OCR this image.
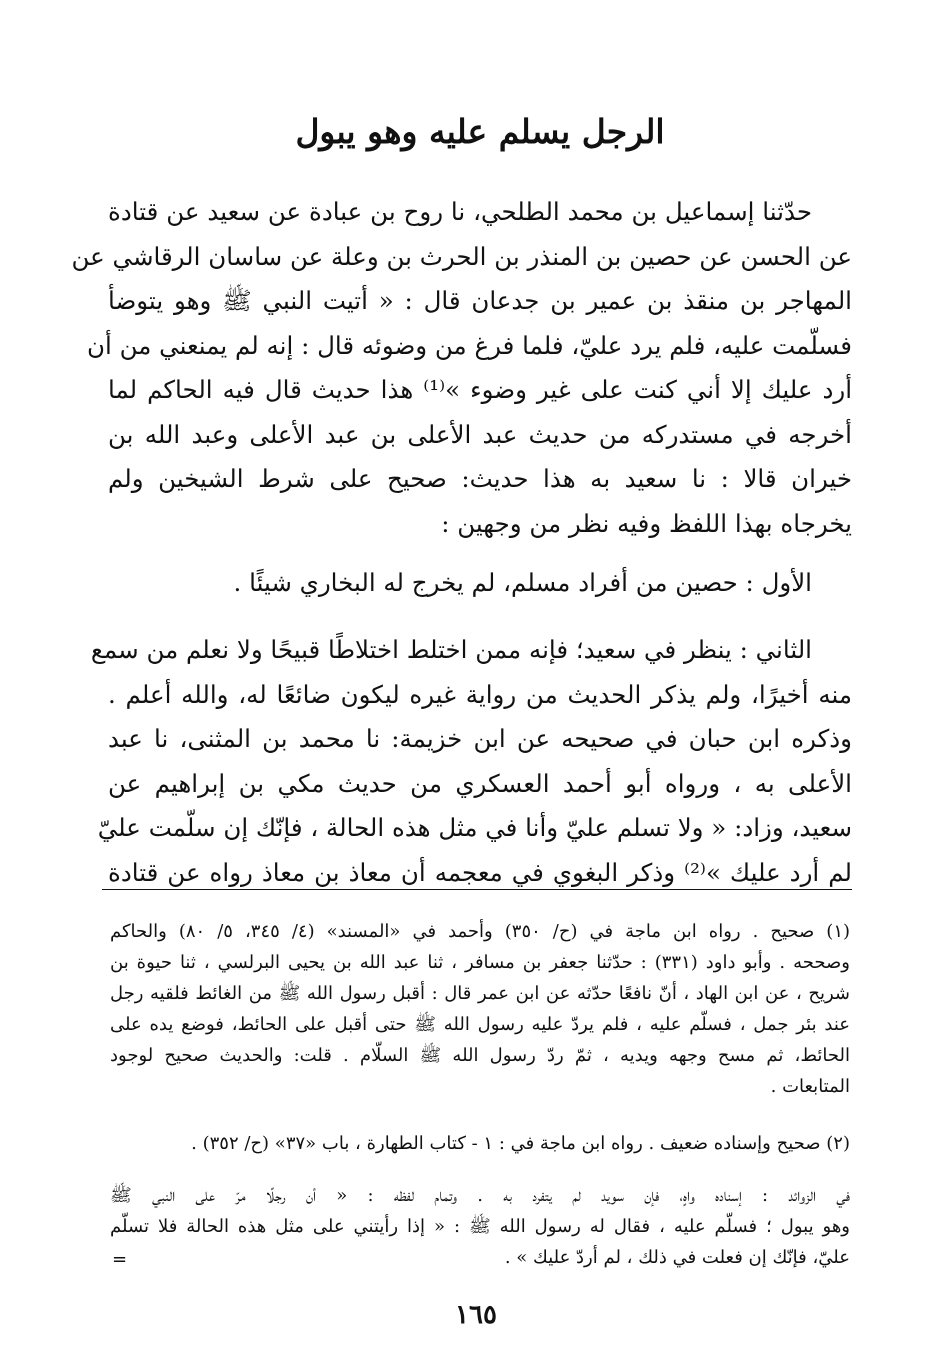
الرجل يسلم عليه وهو يبول
حدّثنا إسماعيل بن محمد الطلحي، نا روح بن عبادة عن سعيد عن قتادة
عن الحسن عن حصين بن المنذر بن الحرث بن وعلة عن ساسان الرقاشي عن
المهاجر بن منقذ بن عمير بن جدعان قال : « أتيت النبي ﷺ وهو يتوضأ
فسلّمت عليه، فلم يرد عليّ، فلما فرغ من وضوئه قال : إنه لم يمنعني من أن
أرد عليك إلا أني كنت على غير وضوء »⁽¹⁾ هذا حديث قال فيه الحاكم لما
أخرجه في مستدركه من حديث عبد الأعلى بن عبد الأعلى وعبد الله بن
خيران قالا : نا سعيد به هذا حديث: صحيح على شرط الشيخين ولم
يخرجاه بهذا اللفظ وفيه نظر من وجهين :
الأول : حصين من أفراد مسلم، لم يخرج له البخاري شيئًا .
الثاني : ينظر في سعيد؛ فإنه ممن اختلط اختلاطًا قبيحًا ولا نعلم من سمع
منه أخيرًا، ولم يذكر الحديث من رواية غيره ليكون ضائعًا له، والله أعلم .
وذكره ابن حبان في صحيحه عن ابن خزيمة: نا محمد بن المثنى، نا عبد
الأعلى به ، ورواه أبو أحمد العسكري من حديث مكي بن إبراهيم عن
سعيد، وزاد: « ولا تسلم عليّ وأنا في مثل هذه الحالة ، فإنّك إن سلّمت عليّ
لم أرد عليك »⁽²⁾ وذكر البغوي في معجمه أن معاذ بن معاذ رواه عن قتادة
(١) صحيح . رواه ابن ماجة في (ح/ ٣٥٠) وأحمد في «المسند» (٤/ ٣٤٥، ٥/ ٨٠) والحاكم
وصححه . وأبو داود (٣٣١) : حدّثنا جعفر بن مسافر ، ثنا عبد الله بن يحيى البرلسي ، ثنا حيوة بن
شريح ، عن ابن الهاد ، أنّ نافعًا حدّثه عن ابن عمر قال : أقبل رسول الله ﷺ من الغائط فلقيه رجل
عند بئر جمل ، فسلّم عليه ، فلم يردّ عليه رسول الله ﷺ حتى أقبل على الحائط، فوضع يده على
الحائط، ثم مسح وجهه ويديه ، ثمّ ردّ رسول الله ﷺ السلّام . قلت: والحديث صحيح لوجود
المتابعات .
(٢) صحيح وإسناده ضعيف . رواه ابن ماجة في : ١ - كتاب الطهارة ، باب «٣٧» (ح/ ٣٥٢) .
في الزوائد : إسناده واهٍ، فإن سويد لم يتفرد به . وتمام لفظه : « أن رجلًا مرّ على النبي ﷺ
وهو يبول ؛ فسلّم عليه ، فقال له رسول الله ﷺ : « إذا رأيتني على مثل هذه الحالة فلا تسلّم
عليّ، فإنّك إن فعلت في ذلك ، لم أردّ عليك » .
=
١٦٥
